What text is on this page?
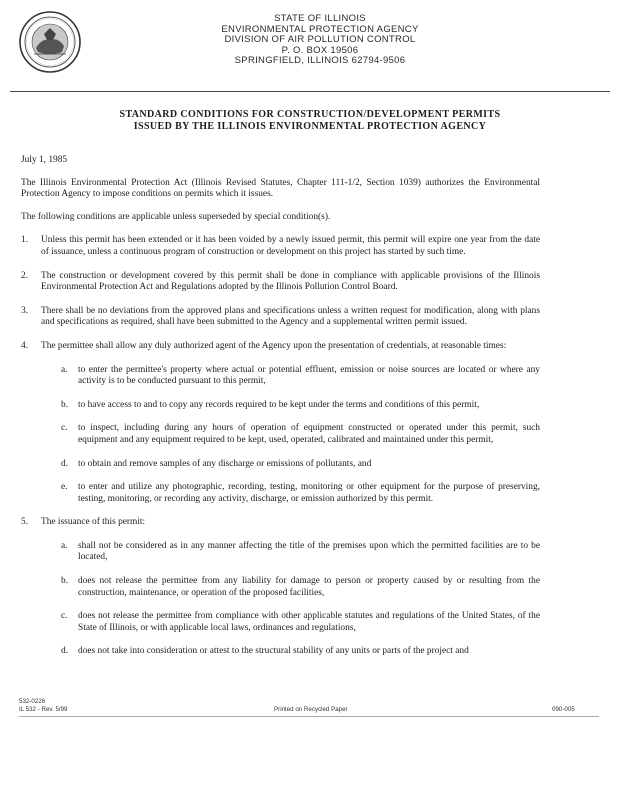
STATE OF ILLINOIS
ENVIRONMENTAL PROTECTION AGENCY
DIVISION OF AIR POLLUTION CONTROL
P. O. BOX 19506
SPRINGFIELD, ILLINOIS 62794-9506
STANDARD CONDITIONS FOR CONSTRUCTION/DEVELOPMENT PERMITS
ISSUED BY THE ILLINOIS ENVIRONMENTAL PROTECTION AGENCY

July 1, 1985

The Illinois Environmental Protection Act (Illinois Revised Statutes, Chapter 111-1/2, Section 1039) authorizes the Environmental Protection Agency to impose conditions on permits which it issues.

The following conditions are applicable unless superseded by special condition(s).

1. Unless this permit has been extended or it has been voided by a newly issued permit, this permit will expire one year from the date of issuance, unless a continuous program of construction or development on this project has started by such time.
2. The construction or development covered by this permit shall be done in compliance with applicable provisions of the Illinois Environmental Protection Act and Regulations adopted by the Illinois Pollution Control Board.
3. There shall be no deviations from the approved plans and specifications unless a written request for modification, along with plans and specifications as required, shall have been submitted to the Agency and a supplemental written permit issued.
4. The permittee shall allow any duly authorized agent of the Agency upon the presentation of credentials, at reasonable times:
a. to enter the permittee's property where actual or potential effluent, emission or noise sources are located or where any activity is to be conducted pursuant to this permit,
b. to have access to and to copy any records required to be kept under the terms and conditions of this permit,
c. to inspect, including during any hours of operation of equipment constructed or operated under this permit, such equipment and any equipment required to be kept, used, operated, calibrated and maintained under this permit,
d. to obtain and remove samples of any discharge or emissions of pollutants, and
e. to enter and utilize any photographic, recording, testing, monitoring or other equipment for the purpose of preserving, testing, monitoring, or recording any activity, discharge, or emission authorized by this permit.
5. The issuance of this permit:
a. shall not be considered as in any manner affecting the title of the premises upon which the permitted facilities are to be located,
b. does not release the permittee from any liability for damage to person or property caused by or resulting from the construction, maintenance, or operation of the proposed facilities,
c. does not release the permittee from compliance with other applicable statutes and regulations of the United States, of the State of Illinois, or with applicable local laws, ordinances and regulations,
d. does not take into consideration or attest to the structural stability of any units or parts of the project and
532-0226
IL 532 - Rev. 5/99	Printed on Recycled Paper	090-005
